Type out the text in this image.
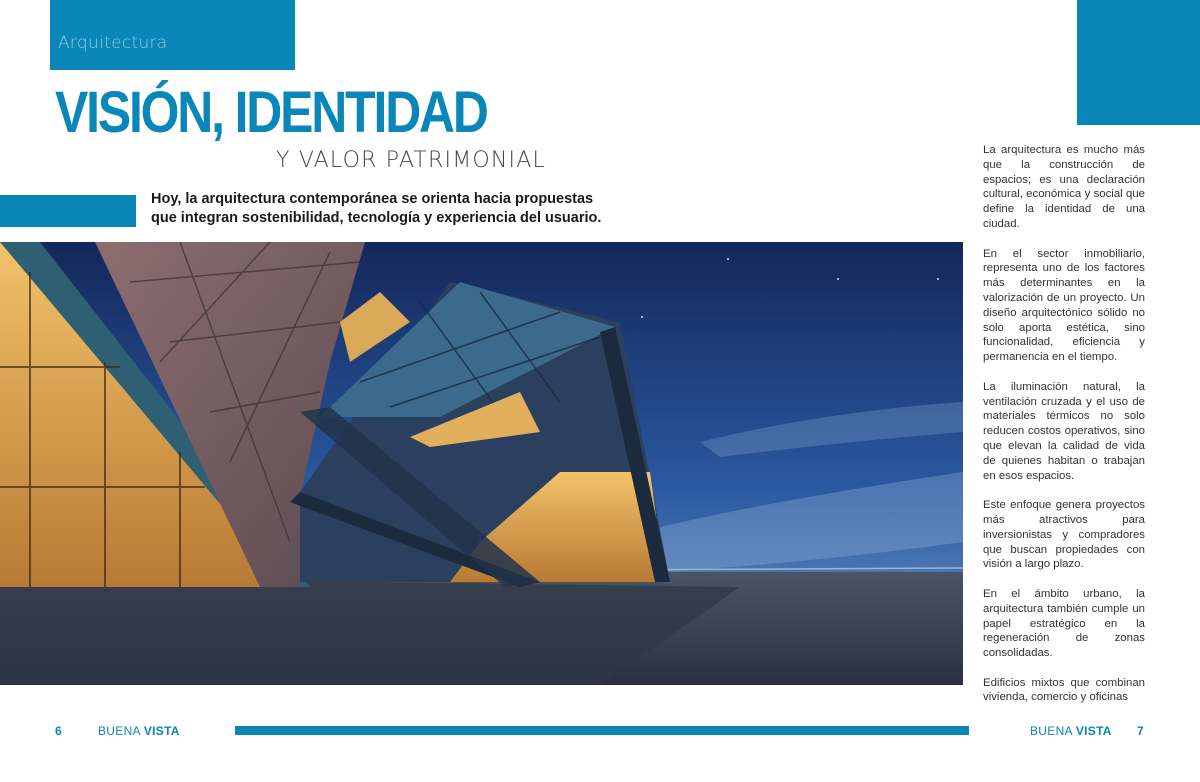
Arquitectura
VISIÓN, IDENTIDAD
Y VALOR PATRIMONIAL
Hoy, la arquitectura contemporánea se orienta hacia propuestas que integran sostenibilidad, tecnología y experiencia del usuario.

La arquitectura es mucho más que la construcción de espacios; es una declaración cultural, económica y social que define la identidad de una ciudad.

En el sector inmobiliario, representa uno de los factores más determinantes en la valorización de un proyecto. Un diseño arquitectónico sólido no solo aporta estética, sino funcionalidad, eficiencia y permanencia en el tiempo.

La iluminación natural, la ventilación cruzada y el uso de materiales térmicos no solo reducen costos operativos, sino que elevan la calidad de vida de quienes habitan o trabajan en esos espacios.

Este enfoque genera proyectos más atractivos para inversionistas y compradores que buscan propiedades con visión a largo plazo.

En el ámbito urbano, la arquitectura también cumple un papel estratégico en la regeneración de zonas consolidadas.

Edificios mixtos que combinan vivienda, comercio y oficinas

6	BUENA VISTA	BUENA VISTA 7
